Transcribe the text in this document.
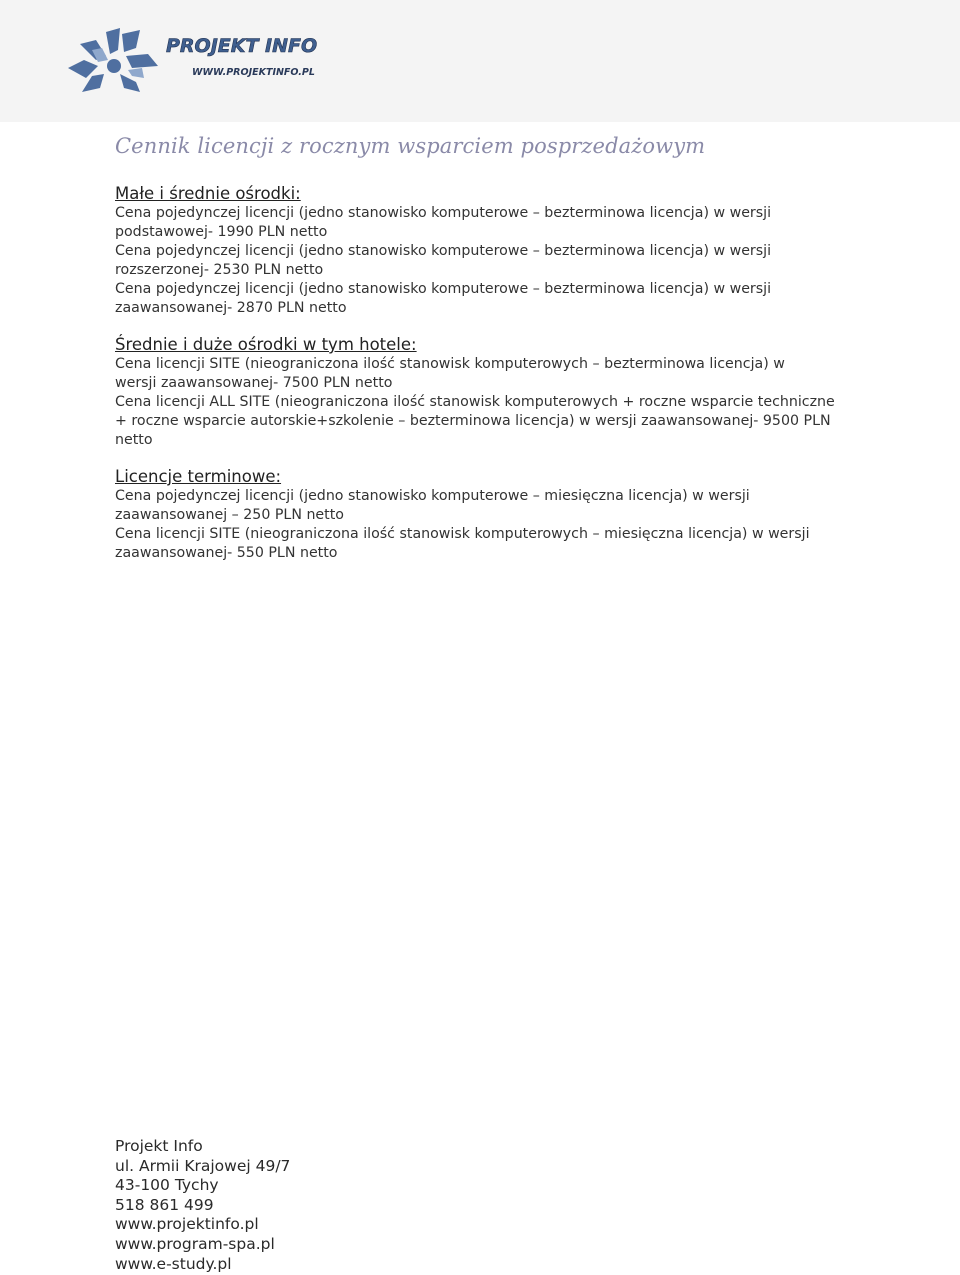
PROJEKT INFO
WWW.PROJEKTINFO.PL
Cennik licencji z rocznym wsparciem posprzedażowym
Małe i średnie ośrodki:

Cena pojedynczej licencji (jedno stanowisko komputerowe – bezterminowa licencja) w wersji

podstawowej- 1990 PLN netto

Cena pojedynczej licencji (jedno stanowisko komputerowe – bezterminowa licencja) w wersji

rozszerzonej- 2530 PLN netto

Cena pojedynczej licencji (jedno stanowisko komputerowe – bezterminowa licencja) w wersji

zaawansowanej- 2870 PLN netto

Średnie i duże ośrodki w tym hotele:

Cena licencji SITE (nieograniczona ilość stanowisk komputerowych – bezterminowa licencja) w

wersji zaawansowanej- 7500 PLN netto

Cena licencji ALL SITE (nieograniczona ilość stanowisk komputerowych + roczne wsparcie techniczne

+ roczne wsparcie autorskie+szkolenie – bezterminowa licencja) w wersji zaawansowanej- 9500 PLN

netto

Licencje terminowe:

Cena pojedynczej licencji (jedno stanowisko komputerowe – miesięczna licencja) w wersji

zaawansowanej – 250 PLN netto

Cena licencji SITE (nieograniczona ilość stanowisk komputerowych – miesięczna licencja) w wersji

zaawansowanej- 550 PLN netto

Projekt Info
ul. Armii Krajowej 49/7
43-100 Tychy
518 861 499
www.projektinfo.pl
www.program-spa.pl
www.e-study.pl
